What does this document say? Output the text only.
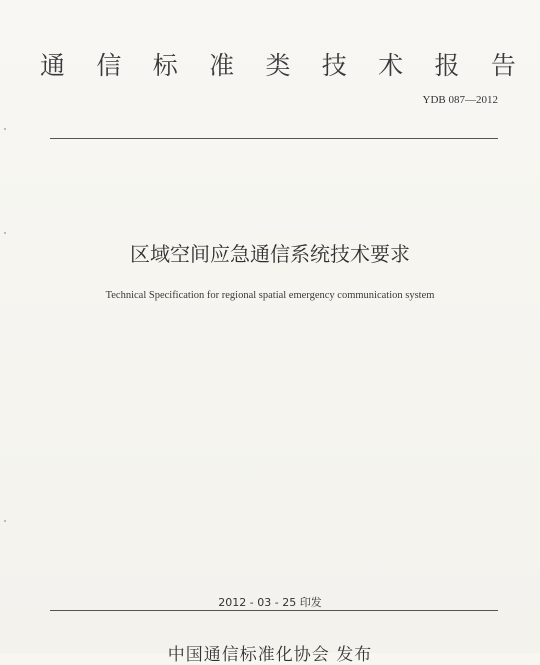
通 信 标 准 类 技 术 报 告
YDB 087—2012
区域空间应急通信系统技术要求
Technical Specification for regional spatial emergency communication system
2012 - 03 - 25 印发
中国通信标准化协会 发布
